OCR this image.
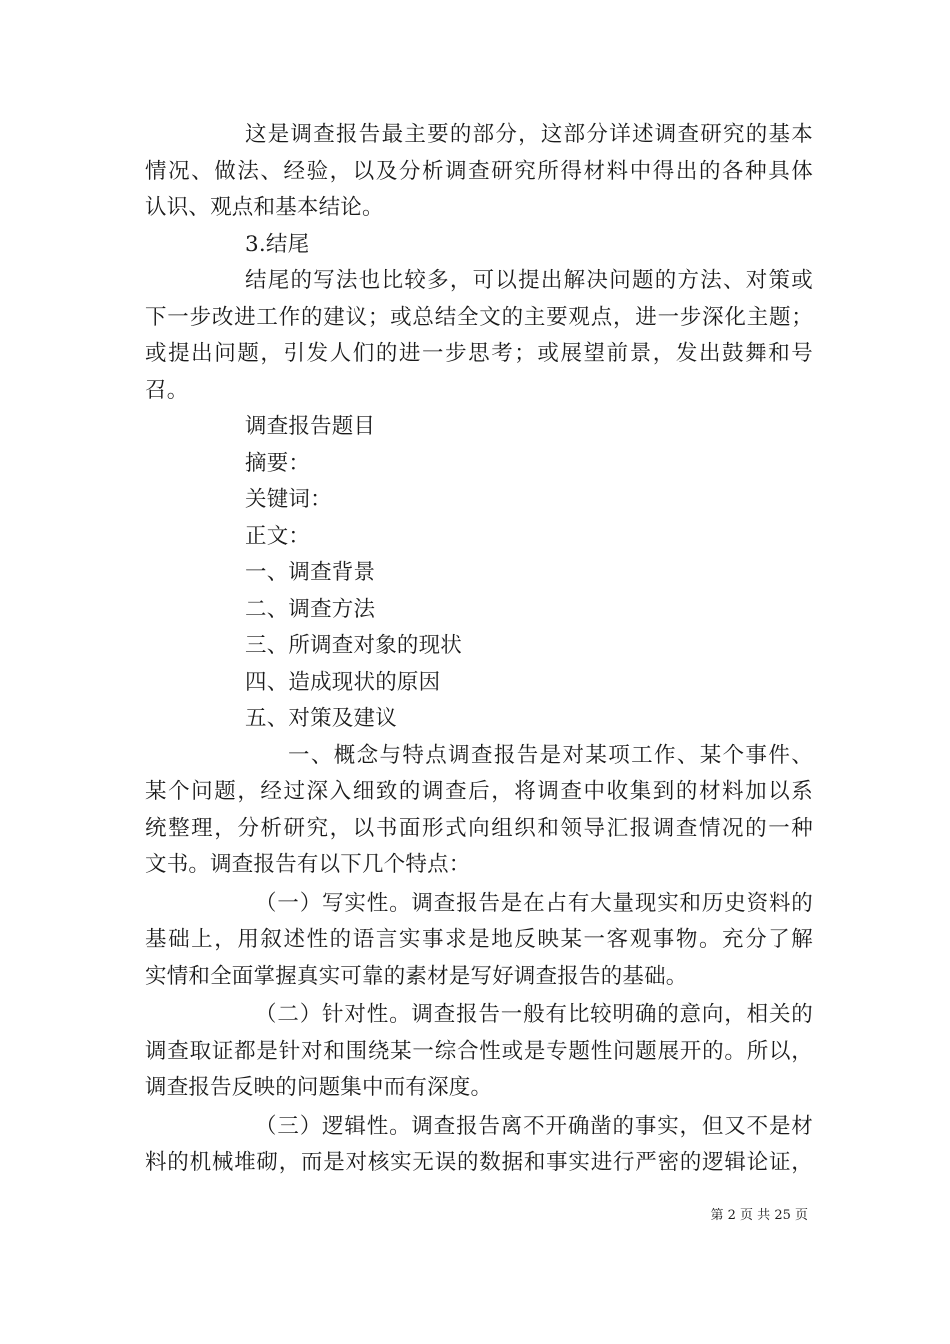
这是调查报告最主要的部分，这部分详述调查研究的基本
情况、做法、经验，以及分析调查研究所得材料中得出的各种具体
认识、观点和基本结论。
3.结尾
结尾的写法也比较多，可以提出解决问题的方法、对策或
下一步改进工作的建议；或总结全文的主要观点，进一步深化主题；
或提出问题，引发人们的进一步思考；或展望前景，发出鼓舞和号
召。
调查报告题目
摘要：
关键词：
正文：
一、调查背景
二、调查方法
三、所调查对象的现状
四、造成现状的原因
五、对策及建议
一、概念与特点调查报告是对某项工作、某个事件、
某个问题，经过深入细致的调查后，将调查中收集到的材料加以系
统整理，分析研究，以书面形式向组织和领导汇报调查情况的一种
文书。调查报告有以下几个特点：
（一）写实性。调查报告是在占有大量现实和历史资料的
基础上，用叙述性的语言实事求是地反映某一客观事物。充分了解
实情和全面掌握真实可靠的素材是写好调查报告的基础。
（二）针对性。调查报告一般有比较明确的意向，相关的
调查取证都是针对和围绕某一综合性或是专题性问题展开的。所以，
调查报告反映的问题集中而有深度。
（三）逻辑性。调查报告离不开确凿的事实，但又不是材
料的机械堆砌，而是对核实无误的数据和事实进行严密的逻辑论证，
第 2 页 共 25 页
